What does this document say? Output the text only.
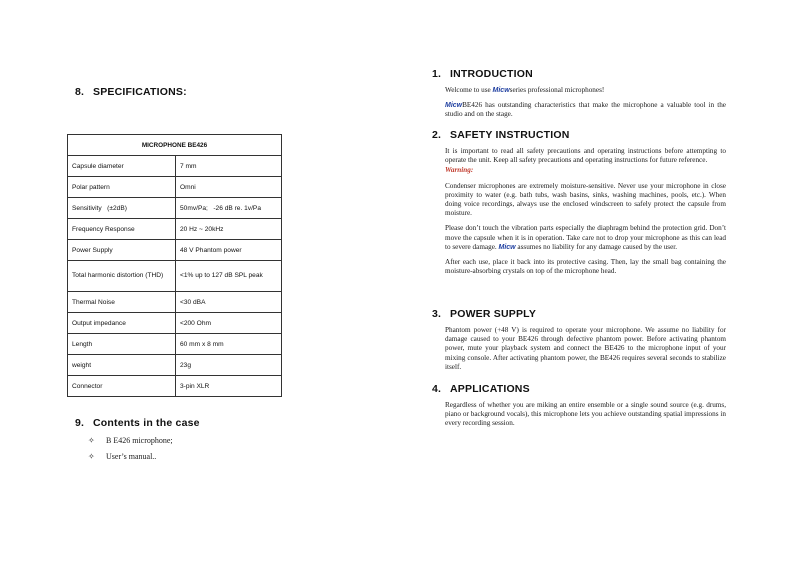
8. SPECIFICATIONS:
MICROPHONE BE426	
Capsule diameter	7 mm
Polar pattern	Omni
Sensitivity   (±2dB)	50mv/Pa;   -26 dB re. 1v/Pa
Frequency Response	20 Hz ~ 20kHz
Power Supply	48 V Phantom power
Total harmonic distortion (THD)	<1% up to 127 dB SPL peak
Thermal Noise	<30 dBA
Output impedance	<200 Ohm
Length	60 mm x 8 mm
weight	23g
Connector	3-pin XLR
9. Contents in the case
✧ B E426 microphone;
✧ User’s manual..
1. INTRODUCTION

Welcome to use Micwseries professional microphones!

MicwBE426 has outstanding characteristics that make the microphone a valuable tool in the studio and on the stage.

2. SAFETY INSTRUCTION

It is important to read all safety precautions and operating instructions before attempting to operate the unit. Keep all safety precautions and operating instructions for future reference.

Warning:

Condenser microphones are extremely moisture-sensitive. Never use your microphone in close proximity to water (e.g. bath tubs, wash basins, sinks, washing machines, pools, etc.). When doing voice recordings, always use the enclosed windscreen to safely protect the capsule from moisture.

Please don’t touch the vibration parts especially the diaphragm behind the protection grid. Don’t move the capsule when it is in operation. Take care not to drop your microphone as this can lead to severe damage. Micw assumes no liability for any damage caused by the user.

After each use, place it back into its protective casing. Then, lay the small bag containing the moisture-absorbing crystals on top of the microphone head.

3. POWER SUPPLY

Phantom power (+48 V) is required to operate your microphone. We assume no liability for damage caused to your BE426 through defective phantom power. Before activating phantom power, mute your playback system and connect the BE426 to the microphone input of your mixing console. After activating phantom power, the BE426 requires several seconds to stabilize itself.

4. APPLICATIONS

Regardless of whether you are miking an entire ensemble or a single sound source (e.g. drums, piano or background vocals), this microphone lets you achieve outstanding spatial impressions in every recording session.
